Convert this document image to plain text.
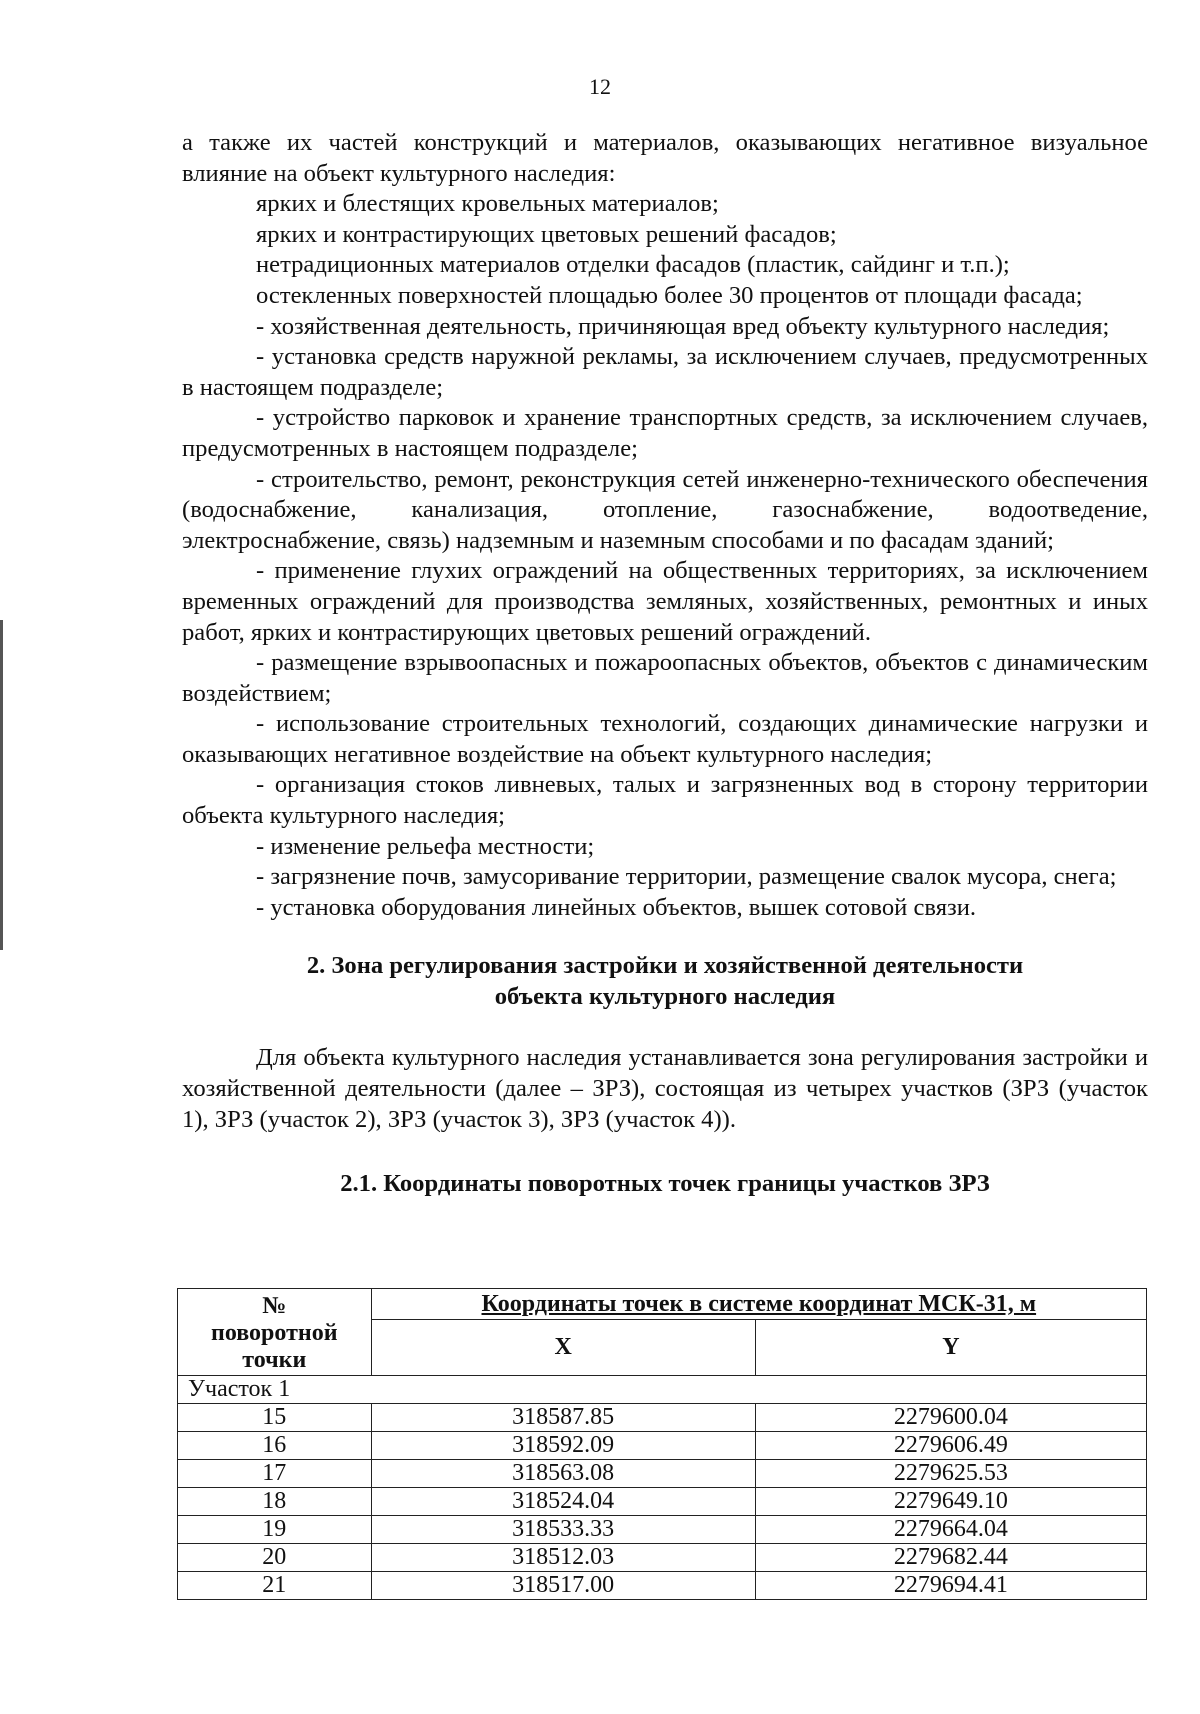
12

а также их частей конструкций и материалов, оказывающих негативное визуальное влияние на объект культурного наследия:

ярких и блестящих кровельных материалов;

ярких и контрастирующих цветовых решений фасадов;

нетрадиционных материалов отделки фасадов (пластик, сайдинг и т.п.);

остекленных поверхностей площадью более 30 процентов от площади фасада;

- хозяйственная деятельность, причиняющая вред объекту культурного наследия;

- установка средств наружной рекламы, за исключением случаев, предусмотренных в настоящем подразделе;

- устройство парковок и хранение транспортных средств, за исключением случаев, предусмотренных в настоящем подразделе;

- строительство, ремонт, реконструкция сетей инженерно-технического обеспечения (водоснабжение, канализация, отопление, газоснабжение, водоотведение, электроснабжение, связь) надземным и наземным способами и по фасадам зданий;

- применение глухих ограждений на общественных территориях, за исключением временных ограждений для производства земляных, хозяйственных, ремонтных и иных работ, ярких и контрастирующих цветовых решений ограждений.

- размещение взрывоопасных и пожароопасных объектов, объектов с динамическим воздействием;

- использование строительных технологий, создающих динамические нагрузки и оказывающих негативное воздействие на объект культурного наследия;

- организация стоков ливневых, талых и загрязненных вод в сторону территории объекта культурного наследия;

- изменение рельефа местности;

- загрязнение почв, замусоривание территории, размещение свалок мусора, снега;

- установка оборудования линейных объектов, вышек сотовой связи.

2. Зона регулирования застройки и хозяйственной деятельности
объекта культурного наследия

Для объекта культурного наследия устанавливается зона регулирования застройки и хозяйственной деятельности (далее – ЗРЗ), состоящая из четырех участков (ЗРЗ (участок 1), ЗРЗ (участок 2), ЗРЗ (участок 3), ЗРЗ (участок 4)).

2.1. Координаты поворотных точек границы участков ЗРЗ

№
поворотной
точки	Координаты точек в системе координат МСК-31, м	
	X	Y
Участок 1		
15	318587.85	2279600.04
16	318592.09	2279606.49
17	318563.08	2279625.53
18	318524.04	2279649.10
19	318533.33	2279664.04
20	318512.03	2279682.44
21	318517.00	2279694.41
